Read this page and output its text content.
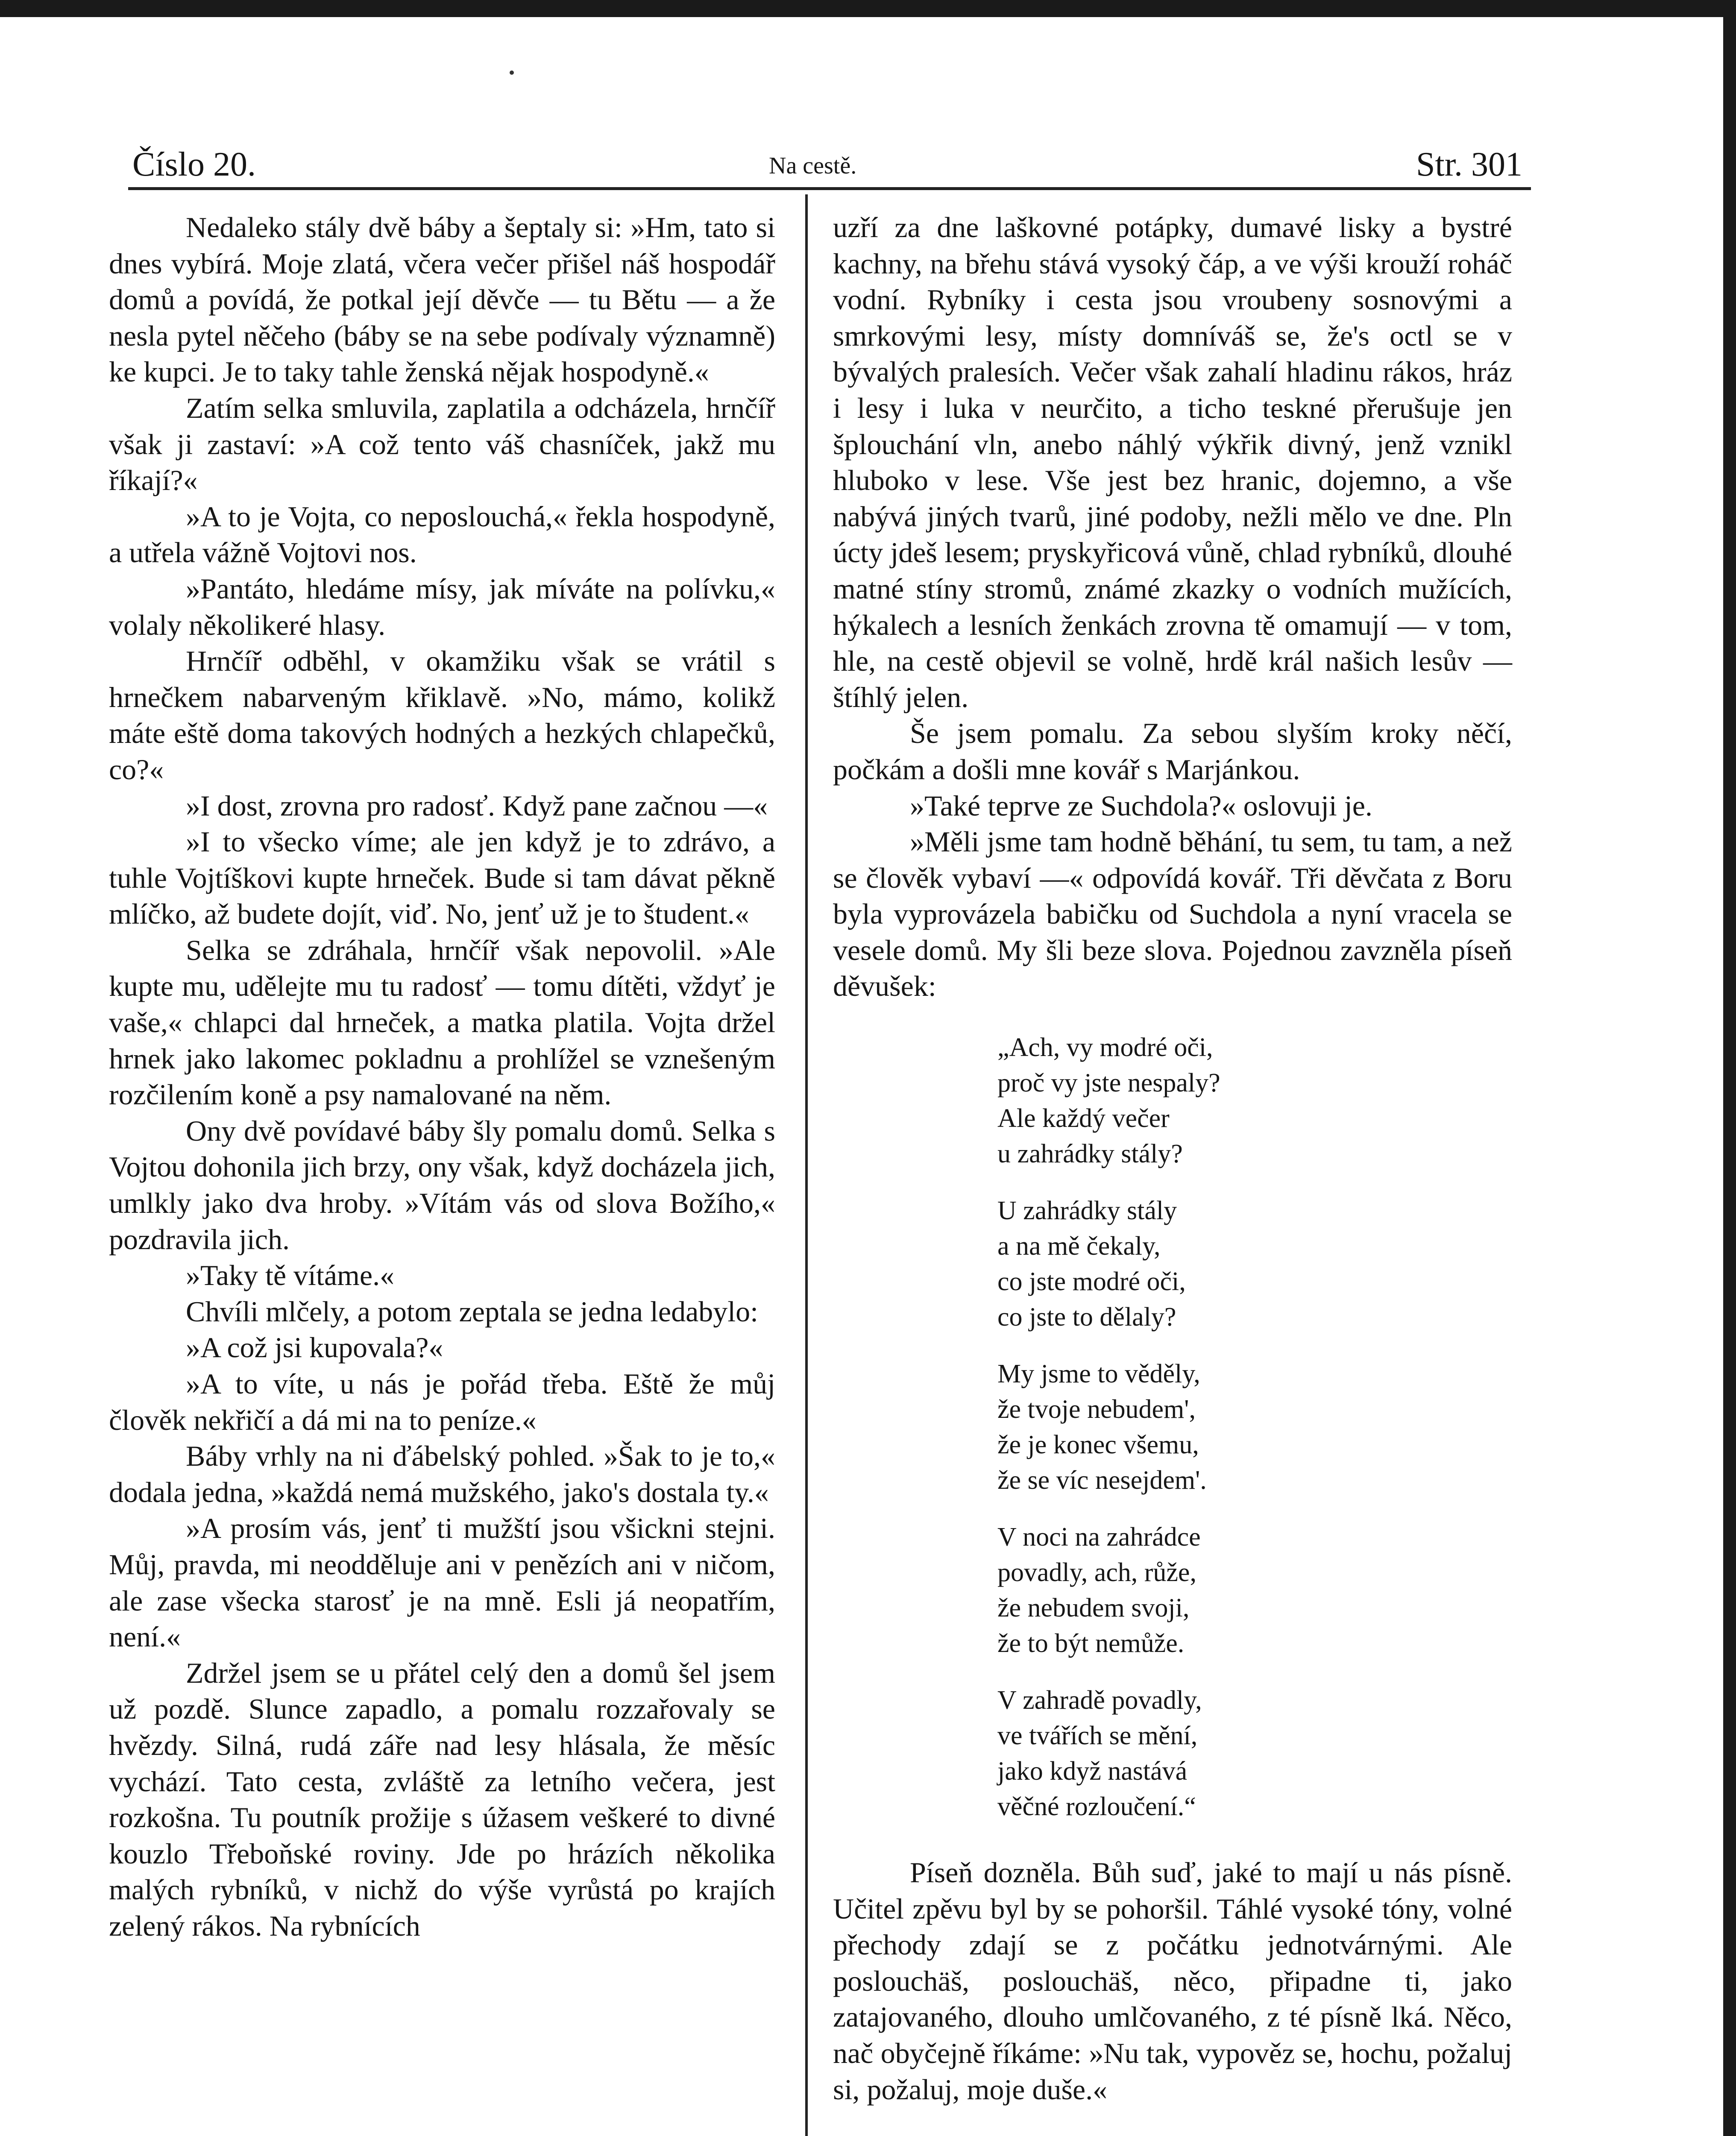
Číslo 20.	Na cestě.	Str. 301

Nedaleko stály dvě báby a šeptaly si: »Hm, tato si dnes vybírá. Moje zlatá, včera večer přišel náš hospodář domů a povídá, že potkal její děvče — tu Bětu — a že nesla pytel něčeho (báby se na sebe podívaly významně) ke kupci. Je to taky tahle ženská nějak hospodyně.«

Zatím selka smluvila, zaplatila a odcházela, hrnčíř však ji zastaví: »A což tento váš chasníček, jakž mu říkají?«

»A to je Vojta, co neposlouchá,« řekla hospodyně, a utřela vážně Vojtovi nos.

»Pantáto, hledáme mísy, jak míváte na polívku,« volaly několikeré hlasy.

Hrnčíř odběhl, v okamžiku však se vrátil s hrnečkem nabarveným křiklavě. »No, mámo, kolikž máte eště doma takových hodných a hezkých chlapečků, co?«

»I dost, zrovna pro radosť. Když pane začnou —«

»I to všecko víme; ale jen když je to zdrávo, a tuhle Vojtíškovi kupte hrneček. Bude si tam dávat pěkně mlíčko, až budete dojít, viď. No, jenť už je to študent.«

Selka se zdráhala, hrnčíř však nepovolil. »Ale kupte mu, udělejte mu tu radosť — tomu dítěti, vždyť je vaše,« chlapci dal hrneček, a matka platila. Vojta držel hrnek jako lakomec pokladnu a prohlížel se vznešeným rozčilením koně a psy namalované na něm.

Ony dvě povídavé báby šly pomalu domů. Selka s Vojtou dohonila jich brzy, ony však, když docházela jich, umlkly jako dva hroby. »Vítám vás od slova Božího,« pozdravila jich.

»Taky tě vítáme.«

Chvíli mlčely, a potom zeptala se jedna ledabylo:

»A což jsi kupovala?«

»A to víte, u nás je pořád třeba. Eště že můj člověk nekřičí a dá mi na to peníze.«

Báby vrhly na ni ďábelský pohled. »Šak to je to,« dodala jedna, »každá nemá mužského, jako's dostala ty.«

»A prosím vás, jenť ti mužští jsou všickni stejni. Můj, pravda, mi neodděluje ani v penězích ani v ničom, ale zase všecka starosť je na mně. Esli já neopatřím, není.«

Zdržel jsem se u přátel celý den a domů šel jsem už pozdě. Slunce zapadlo, a pomalu rozzařovaly se hvězdy. Silná, rudá záře nad lesy hlásala, že měsíc vychází. Tato cesta, zvláště za letního večera, jest rozkošna. Tu poutník prožije s úžasem veškeré to divné kouzlo Třeboňské roviny. Jde po hrázích několika malých rybníků, v nichž do výše vyrůstá po krajích zelený rákos. Na rybnících

uzří za dne laškovné potápky, dumavé lisky a bystré kachny, na břehu stává vysoký čáp, a ve výši krouží roháč vodní. Rybníky i cesta jsou vroubeny sosnovými a smrkovými lesy, místy domníváš se, že's octl se v bývalých pralesích. Večer však zahalí hladinu rákos, hráz i lesy i luka v neurčito, a ticho teskné přerušuje jen šplouchání vln, anebo náhlý výkřik divný, jenž vznikl hluboko v lese. Vše jest bez hranic, dojemno, a vše nabývá jiných tvarů, jiné podoby, nežli mělo ve dne. Pln úcty jdeš lesem; pryskyřicová vůně, chlad rybníků, dlouhé matné stíny stromů, známé zkazky o vodních mužících, hýkalech a lesních ženkách zrovna tě omamují — v tom, hle, na cestě objevil se volně, hrdě král našich lesův — štíhlý jelen.

Še jsem pomalu. Za sebou slyším kroky něčí, počkám a došli mne kovář s Marjánkou.

»Také teprve ze Suchdola?« oslovuji je.

»Měli jsme tam hodně běhání, tu sem, tu tam, a než se člověk vybaví —« odpovídá kovář. Tři děvčata z Boru byla vyprovázela babičku od Suchdola a nyní vracela se vesele domů. My šli beze slova. Pojednou zavzněla píseň děvušek:

„Ach, vy modré oči,
proč vy jste nespaly?
Ale každý večer
u zahrádky stály?
U zahrádky stály
a na mě čekaly,
co jste modré oči,
co jste to dělaly?
My jsme to věděly,
že tvoje nebudem',
že je konec všemu,
že se víc nesejdem'.
V noci na zahrádce
povadly, ach, růže,
že nebudem svoji,
že to být nemůže.
V zahradě povadly,
ve tvářích se mění,
jako když nastává
věčné rozloučení.“

Píseň dozněla. Bůh suď, jaké to mají u nás písně. Učitel zpěvu byl by se pohoršil. Táhlé vysoké tóny, volné přechody zdají se z počátku jednotvárnými. Ale poslouchäš, poslouchäš, něco, připadne ti, jako zatajovaného, dlouho umlčovaného, z té písně lká. Něco, nač obyčejně říkáme: »Nu tak, vypověz se, hochu, požaluj si, požaluj, moje duše.«
